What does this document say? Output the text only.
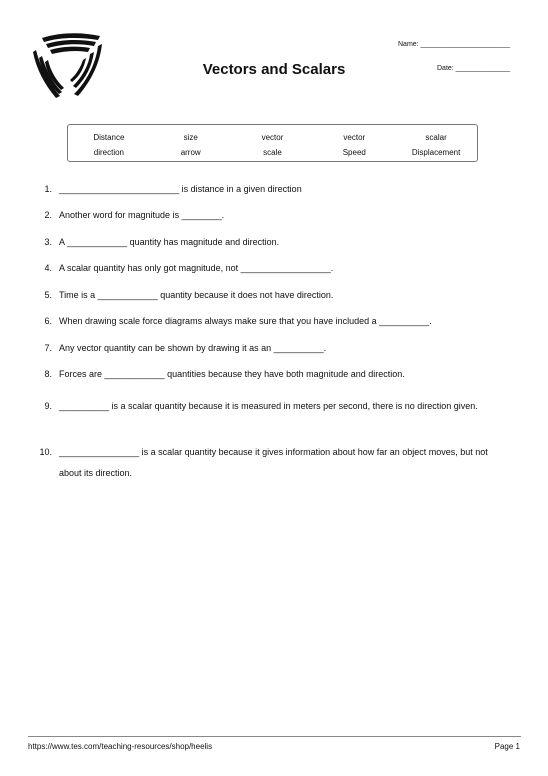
Vectors and Scalars
Name: _______________________
Date: ______________
Distance	size	vector	vector	scalar
direction	arrow	scale	Speed	Displacement
1. ________________________ is distance in a given direction
2. Another word for magnitude is ________.
3. A ____________ quantity has magnitude and direction.
4. A scalar quantity has only got magnitude, not __________________.
5. Time is a ____________ quantity because it does not have direction.
6. When drawing scale force diagrams always make sure that you have included a __________.
7. Any vector quantity can be shown by drawing it as an __________.
8. Forces are ____________ quantities because they have both magnitude and direction.
9. __________ is a scalar quantity because it is measured in meters per second, there is no direction given.
10. ________________ is a scalar quantity because it gives information about how far an object moves, but not about its direction.
https://www.tes.com/teaching-resources/shop/heelis	Page 1
